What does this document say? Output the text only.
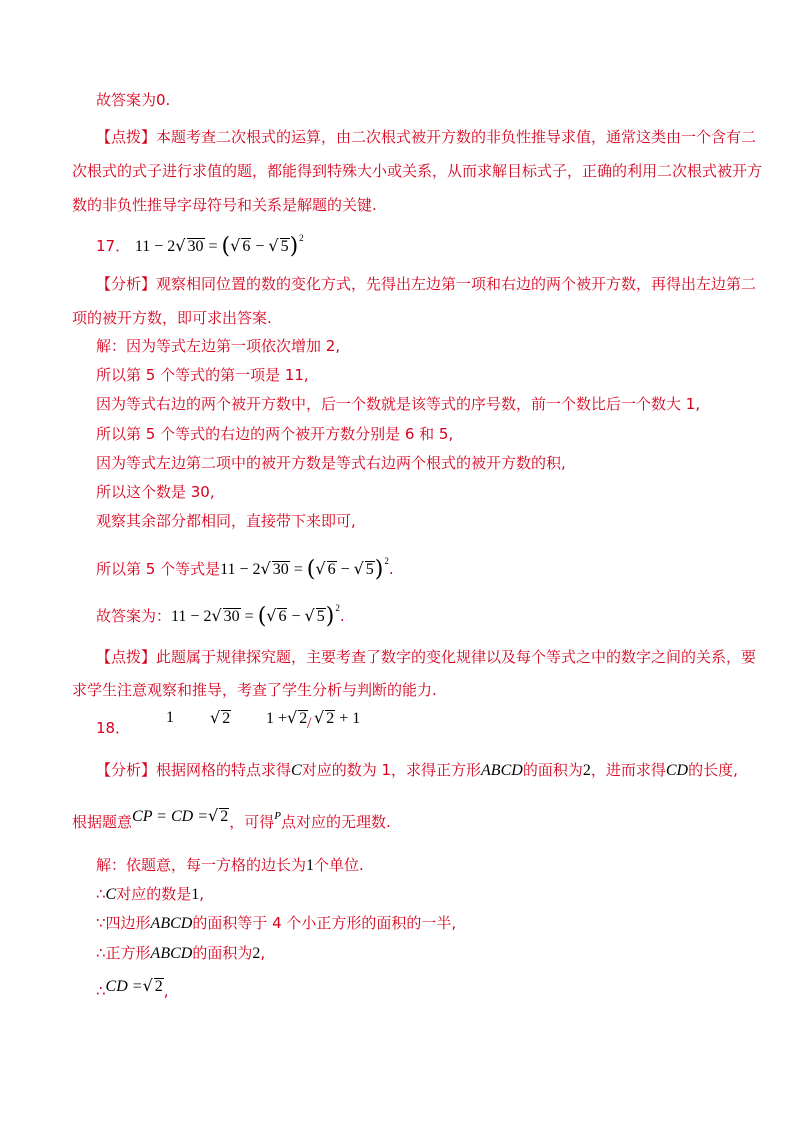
故答案为0.
【点拨】本题考查二次根式的运算，由二次根式被开方数的非负性推导求值，通常这类由一个含有二
次根式的式子进行求值的题，都能得到特殊大小或关系，从而求解目标式子，正确的利用二次根式被开方
数的非负性推导字母符号和关系是解题的关键.
17． 11 − 2√ 30 = (√ 6 − √ 5)$^2$
【分析】观察相同位置的数的变化方式，先得出左边第一项和右边的两个被开方数，再得出左边第二
项的被开方数，即可求出答案.
解：因为等式左边第一项依次增加 2,
所以第 5 个等式的第一项是 11,
因为等式右边的两个被开方数中，后一个数就是该等式的序号数，前一个数比后一个数大 1,
所以第 5 个等式的右边的两个被开方数分别是 6 和 5,
因为等式左边第二项中的被开方数是等式右边两个根式的被开方数的积,
所以这个数是 30,
观察其余部分都相同，直接带下来即可,
所以第 5 个等式是11 − 2√ 30 = (√ 6 − √ 5)$^2$.
故答案为：11 − 2√ 30 = (√ 6 − √ 5)$^2$.
【点拨】此题属于规律探究题，主要考查了数字的变化规律以及每个等式之中的数字之间的关系，要
求学生注意观察和推导，考查了学生分析与判断的能力.
18．
1 √ 2 1 +√ 2 / √ 2 + 1
【分析】根据网格的特点求得C对应的数为 1，求得正方形ABCD的面积为2，进而求得CD的长度,
根据题意CP = CD =√ 2，可得$^P$点对应的无理数.
解：依题意，每一方格的边长为1个单位.
∴C对应的数是1,
∵四边形ABCD的面积等于 4 个小正方形的面积的一半,
∴正方形ABCD的面积为2,
∴CD =√ 2,
